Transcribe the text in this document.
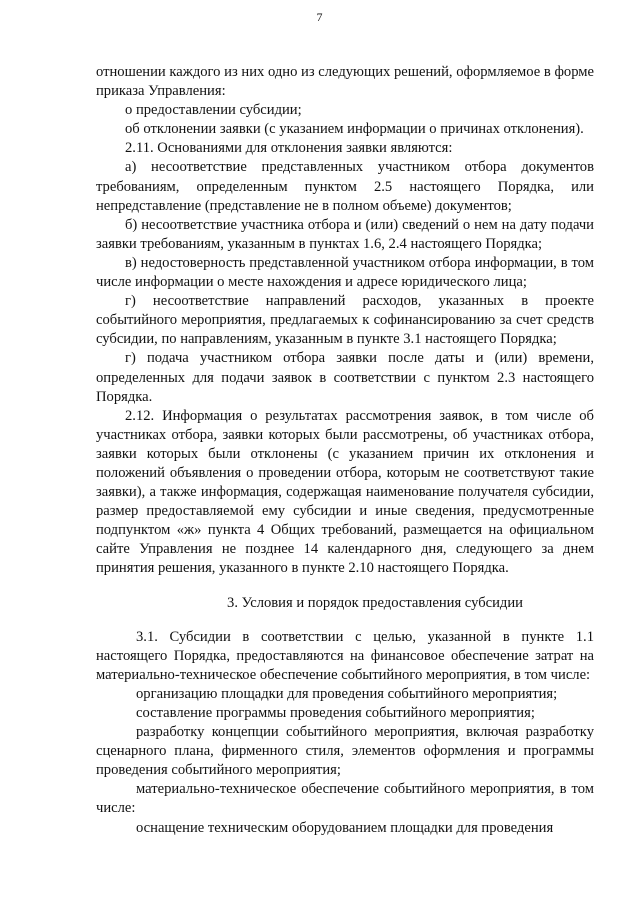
7

отношении каждого из них одно из следующих решений, оформляемое в форме приказа Управления:

о предоставлении субсидии;

об отклонении заявки (с указанием информации о причинах отклонения).

2.11. Основаниями для отклонения заявки являются:

а) несоответствие представленных участником отбора документов требованиям, определенным пунктом 2.5 настоящего Порядка, или непредставление (представление не в полном объеме) документов;

б) несоответствие участника отбора и (или) сведений о нем на дату подачи заявки требованиям, указанным в пунктах 1.6, 2.4 настоящего Порядка;

в) недостоверность представленной участником отбора информации, в том числе информации о месте нахождения и адресе юридического лица;

г) несоответствие направлений расходов, указанных в проекте событийного мероприятия, предлагаемых к софинансированию за счет средств субсидии, по направлениям, указанным в пункте 3.1 настоящего Порядка;

г) подача участником отбора заявки после даты и (или) времени, определенных для подачи заявок в соответствии с пунктом 2.3 настоящего Порядка.

2.12. Информация о результатах рассмотрения заявок, в том числе об участниках отбора, заявки которых были рассмотрены, об участниках отбора, заявки которых были отклонены (с указанием причин их отклонения и положений объявления о проведении отбора, которым не соответствуют такие заявки), а также информация, содержащая наименование получателя субсидии, размер предоставляемой ему субсидии и иные сведения, предусмотренные подпунктом «ж» пункта 4 Общих требований, размещается на официальном сайте Управления не позднее 14 календарного дня, следующего за днем принятия решения, указанного в пункте 2.10 настоящего Порядка.

3. Условия и порядок предоставления субсидии

3.1. Субсидии в соответствии с целью, указанной в пункте 1.1 настоящего Порядка, предоставляются на финансовое обеспечение затрат на материально-техническое обеспечение событийного мероприятия, в том числе:

организацию площадки для проведения событийного мероприятия;

составление программы проведения событийного мероприятия;

разработку концепции событийного мероприятия, включая разработку сценарного плана, фирменного стиля, элементов оформления и программы проведения событийного мероприятия;

материально-техническое обеспечение событийного мероприятия, в том числе:

оснащение техническим оборудованием площадки для проведения
